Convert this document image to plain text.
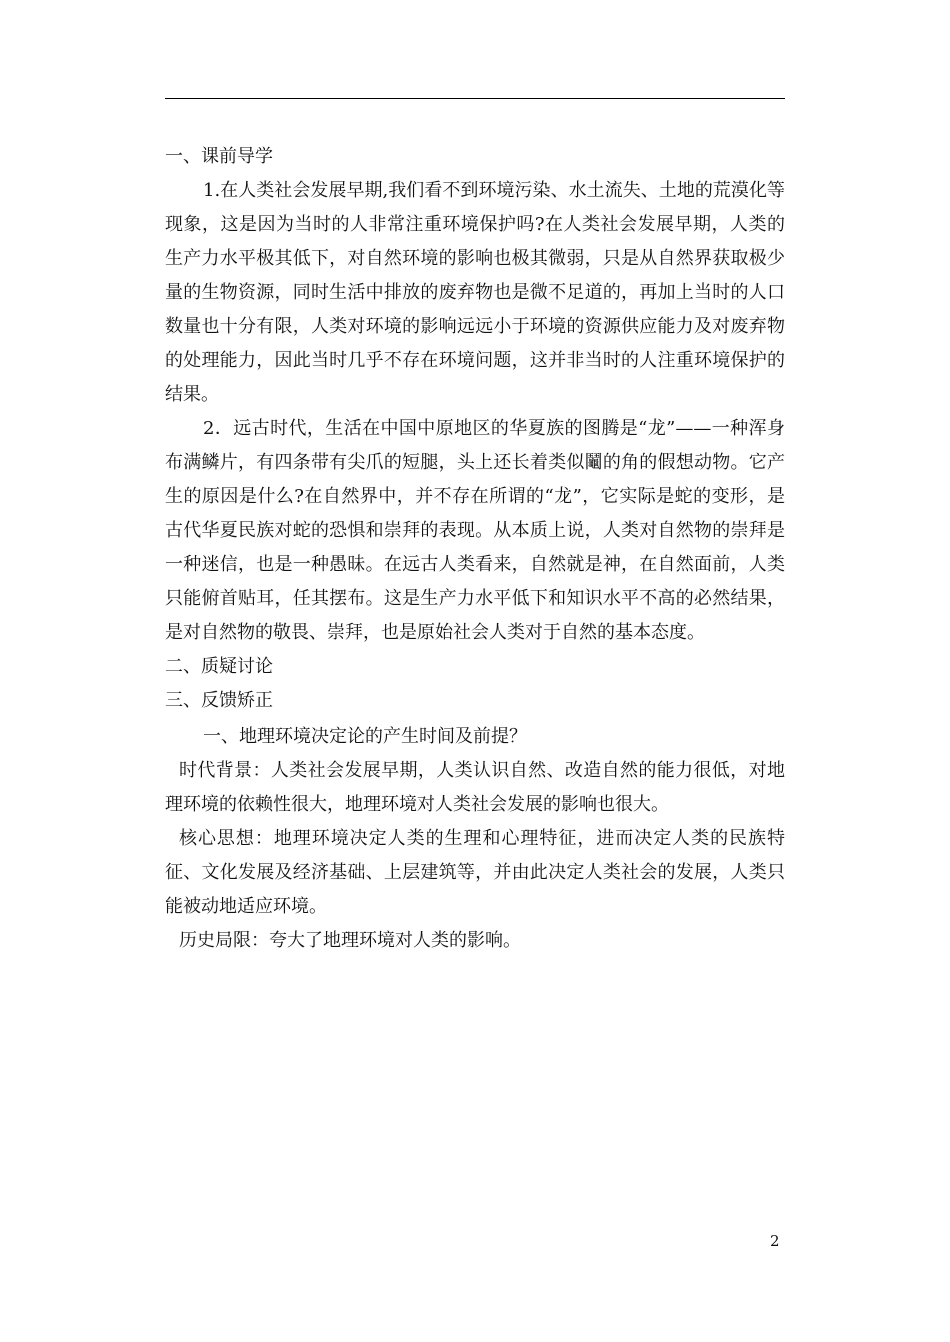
一、课前导学

1.在人类社会发展早期,我们看不到环境污染、水土流失、土地的荒漠化等现象，这是因为当时的人非常注重环境保护吗?在人类社会发展早期，人类的生产力水平极其低下，对自然环境的影响也极其微弱，只是从自然界获取极少量的生物资源，同时生活中排放的废弃物也是微不足道的，再加上当时的人口数量也十分有限，人类对环境的影响远远小于环境的资源供应能力及对废弃物的处理能力，因此当时几乎不存在环境问题，这并非当时的人注重环境保护的结果。

2．远古时代，生活在中国中原地区的华夏族的图腾是“龙”——一种浑身布满鳞片，有四条带有尖爪的短腿，头上还长着类似鬮的角的假想动物。它产生的原因是什么?在自然界中，并不存在所谓的“龙”，它实际是蛇的变形，是古代华夏民族对蛇的恐惧和崇拜的表现。从本质上说，人类对自然物的崇拜是一种迷信，也是一种愚昧。在远古人类看来，自然就是神，在自然面前，人类只能俯首贴耳，任其摆布。这是生产力水平低下和知识水平不高的必然结果，是对自然物的敬畏、崇拜，也是原始社会人类对于自然的基本态度。

二、质疑讨论

三、反馈矫正

一、地理环境决定论的产生时间及前提？

时代背景：人类社会发展早期，人类认识自然、改造自然的能力很低，对地理环境的依赖性很大，地理环境对人类社会发展的影响也很大。

核心思想：地理环境决定人类的生理和心理特征，进而决定人类的民族特征、文化发展及经济基础、上层建筑等，并由此决定人类社会的发展，人类只能被动地适应环境。

历史局限：夸大了地理环境对人类的影响。

2
